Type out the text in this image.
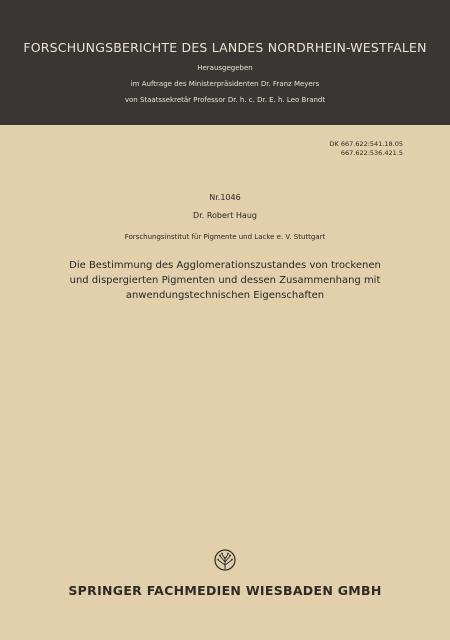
FORSCHUNGSBERICHTE DES LANDES NORDRHEIN-WESTFALEN
Herausgegeben
im Auftrage des Ministerpräsidenten Dr. Franz Meyers
von Staatssekretär Professor Dr. h. c. Dr. E. h. Leo Brandt
DK 667.622:541.18.05
667.622:536.421.5
Nr.1046
Dr. Robert Haug
Forschungsinstitut für Pigmente und Lacke e. V. Stuttgart
Die Bestimmung des Agglomerationszustandes von trockenen
und dispergierten Pigmenten und dessen Zusammenhang mit
anwendungstechnischen Eigenschaften
SPRINGER FACHMEDIEN WIESBADEN GMBH
